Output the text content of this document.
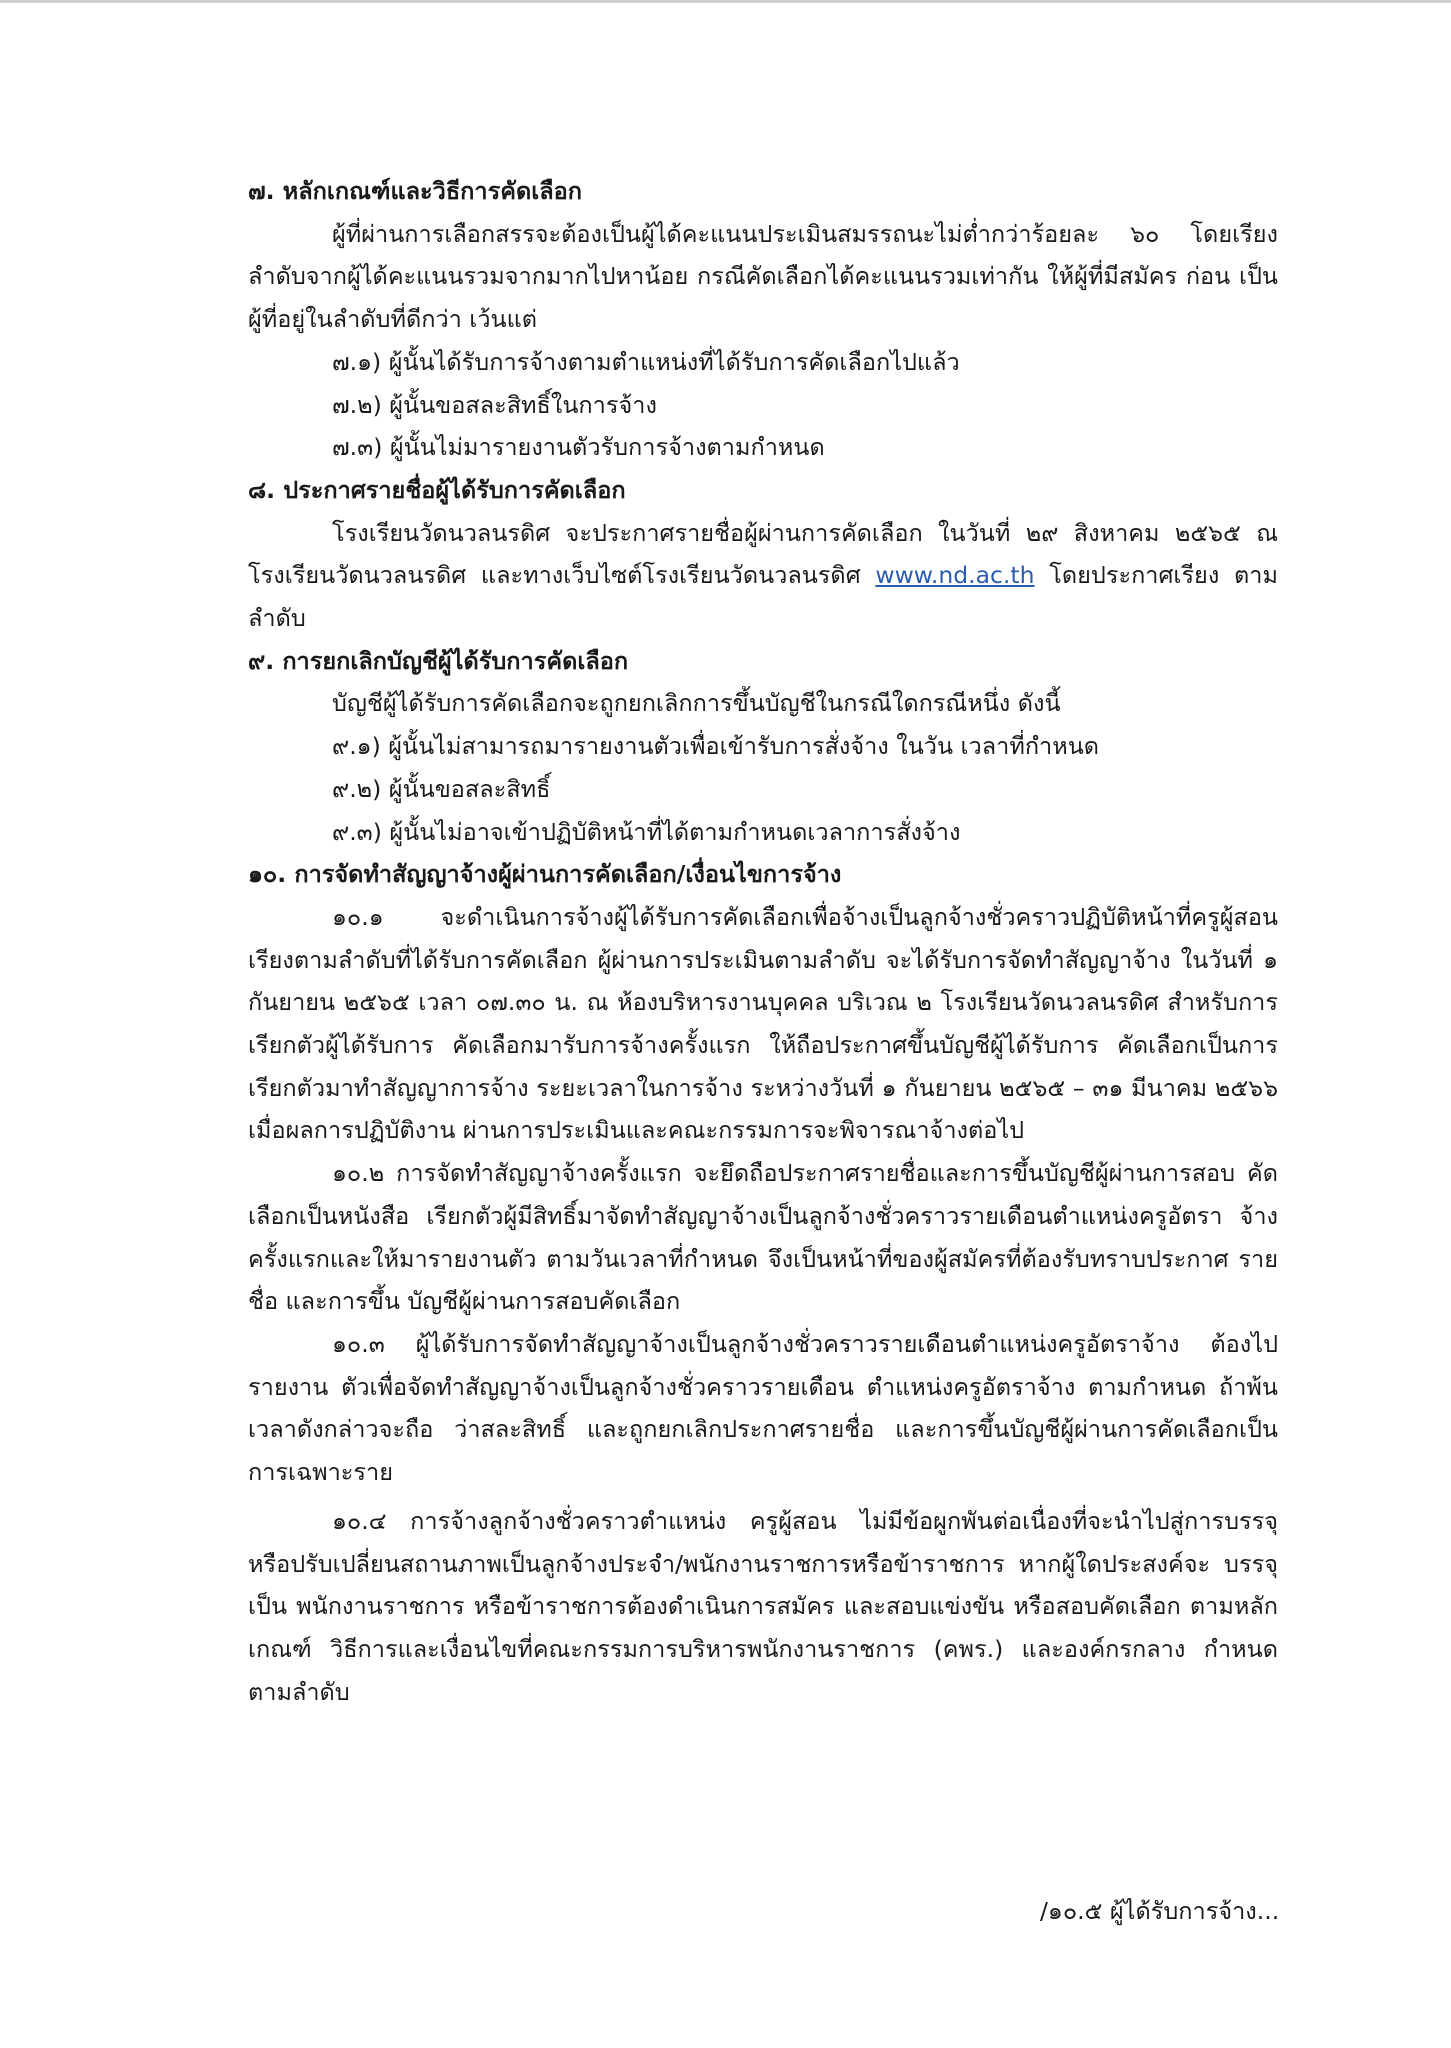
๗. หลักเกณฑ์และวิธีการคัดเลือก

ผู้ที่ผ่านการเลือกสรรจะต้องเป็นผู้ได้คะแนนประเมินสมรรถนะไม่ต่ำกว่าร้อยละ ๖๐ โดยเรียงลำดับจากผู้ได้คะแนนรวมจากมากไปหาน้อย กรณีคัดเลือกได้คะแนนรวมเท่ากัน ให้ผู้ที่มีสมัคร ก่อน เป็นผู้ที่อยู่ในลำดับที่ดีกว่า เว้นแต่

๗.๑) ผู้นั้นได้รับการจ้างตามตำแหน่งที่ได้รับการคัดเลือกไปแล้ว

๗.๒) ผู้นั้นขอสละสิทธิ์ในการจ้าง

๗.๓) ผู้นั้นไม่มารายงานตัวรับการจ้างตามกำหนด

๘. ประกาศรายชื่อผู้ได้รับการคัดเลือก

โรงเรียนวัดนวลนรดิศ จะประกาศรายชื่อผู้ผ่านการคัดเลือก ในวันที่ ๒๙ สิงหาคม ๒๕๖๕ ณ โรงเรียนวัดนวลนรดิศ และทางเว็บไซต์โรงเรียนวัดนวลนรดิศ www.nd.ac.th โดยประกาศเรียง ตามลำดับ

๙. การยกเลิกบัญชีผู้ได้รับการคัดเลือก

บัญชีผู้ได้รับการคัดเลือกจะถูกยกเลิกการขึ้นบัญชีในกรณีใดกรณีหนึ่ง ดังนี้

๙.๑) ผู้นั้นไม่สามารถมารายงานตัวเพื่อเข้ารับการสั่งจ้าง ในวัน เวลาที่กำหนด

๙.๒) ผู้นั้นขอสละสิทธิ์

๙.๓) ผู้นั้นไม่อาจเข้าปฏิบัติหน้าที่ได้ตามกำหนดเวลาการสั่งจ้าง

๑๐. การจัดทำสัญญาจ้างผู้ผ่านการคัดเลือก/เงื่อนไขการจ้าง

๑๐.๑ จะดำเนินการจ้างผู้ได้รับการคัดเลือกเพื่อจ้างเป็นลูกจ้างชั่วคราวปฏิบัติหน้าที่ครูผู้สอน เรียงตามลำดับที่ได้รับการคัดเลือก ผู้ผ่านการประเมินตามลำดับ จะได้รับการจัดทำสัญญาจ้าง ในวันที่ ๑ กันยายน ๒๕๖๕ เวลา ๐๗.๓๐ น. ณ ห้องบริหารงานบุคคล บริเวณ ๒ โรงเรียนวัดนวลนรดิศ สำหรับการเรียกตัวผู้ได้รับการ คัดเลือกมารับการจ้างครั้งแรก ให้ถือประกาศขึ้นบัญชีผู้ได้รับการ คัดเลือกเป็นการเรียกตัวมาทำสัญญาการจ้าง ระยะเวลาในการจ้าง ระหว่างวันที่ ๑ กันยายน ๒๕๖๕ – ๓๑ มีนาคม ๒๕๖๖ เมื่อผลการปฏิบัติงาน ผ่านการประเมินและคณะกรรมการจะพิจารณาจ้างต่อไป

๑๐.๒ การจัดทำสัญญาจ้างครั้งแรก จะยึดถือประกาศรายชื่อและการขึ้นบัญชีผู้ผ่านการสอบ คัดเลือกเป็นหนังสือ เรียกตัวผู้มีสิทธิ์มาจัดทำสัญญาจ้างเป็นลูกจ้างชั่วคราวรายเดือนตำแหน่งครูอัตรา จ้างครั้งแรกและให้มารายงานตัว ตามวันเวลาที่กำหนด จึงเป็นหน้าที่ของผู้สมัครที่ต้องรับทราบประกาศ รายชื่อ และการขึ้น บัญชีผู้ผ่านการสอบคัดเลือก

๑๐.๓ ผู้ได้รับการจัดทำสัญญาจ้างเป็นลูกจ้างชั่วคราวรายเดือนตำแหน่งครูอัตราจ้าง ต้องไป รายงาน ตัวเพื่อจัดทำสัญญาจ้างเป็นลูกจ้างชั่วคราวรายเดือน ตำแหน่งครูอัตราจ้าง ตามกำหนด ถ้าพ้น เวลาดังกล่าวจะถือ ว่าสละสิทธิ์ และถูกยกเลิกประกาศรายชื่อ และการขึ้นบัญชีผู้ผ่านการคัดเลือกเป็น การเฉพาะราย

๑๐.๔ การจ้างลูกจ้างชั่วคราวตำแหน่ง ครูผู้สอน ไม่มีข้อผูกพันต่อเนื่องที่จะนำไปสู่การบรรจุ หรือปรับเปลี่ยนสถานภาพเป็นลูกจ้างประจำ/พนักงานราชการหรือข้าราชการ หากผู้ใดประสงค์จะ บรรจุเป็น พนักงานราชการ หรือข้าราชการต้องดำเนินการสมัคร และสอบแข่งขัน หรือสอบคัดเลือก ตามหลักเกณฑ์ วิธีการและเงื่อนไขที่คณะกรรมการบริหารพนักงานราชการ (คพร.) และองค์กรกลาง กำหนด ตามลำดับ

/๑๐.๕ ผู้ได้รับการจ้าง...
